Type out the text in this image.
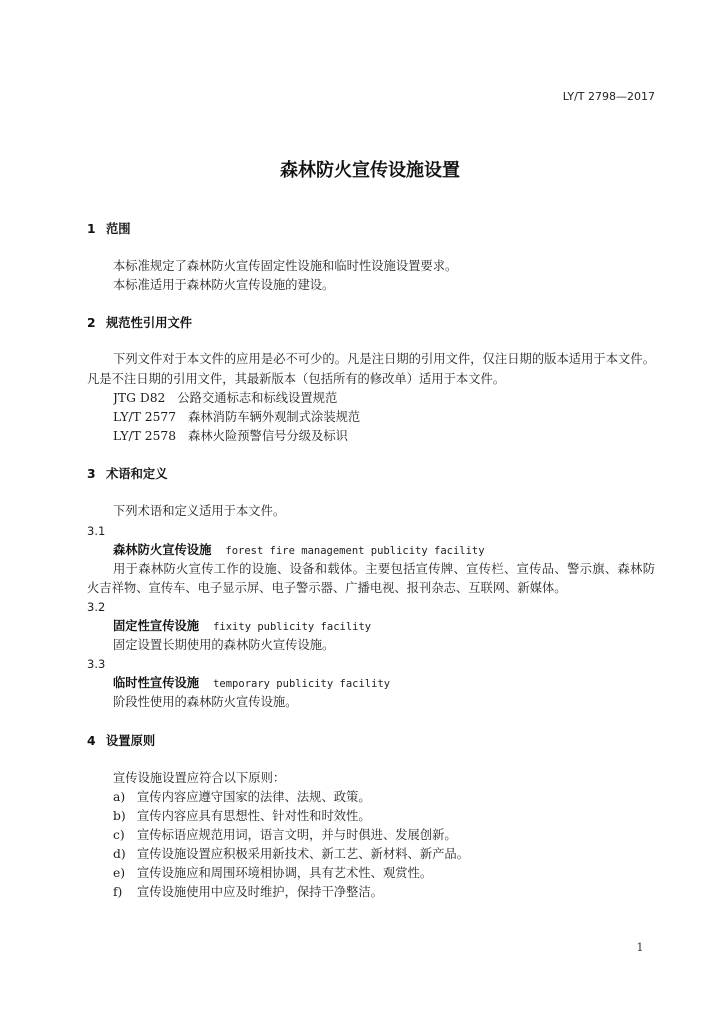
LY/T 2798—2017
森林防火宣传设施设置
1 范围
本标准规定了森林防火宣传固定性设施和临时性设施设置要求。
本标准适用于森林防火宣传设施的建设。
2 规范性引用文件
下列文件对于本文件的应用是必不可少的。凡是注日期的引用文件，仅注日期的版本适用于本文件。
凡是不注日期的引用文件，其最新版本（包括所有的修改单）适用于本文件。
JTG D82 公路交通标志和标线设置规范
LY/T 2577 森林消防车辆外观制式涂装规范
LY/T 2578 森林火险预警信号分级及标识
3 术语和定义
下列术语和定义适用于本文件。
3.1
森林防火宣传设施 forest fire management publicity facility
用于森林防火宣传工作的设施、设备和载体。主要包括宣传牌、宣传栏、宣传品、警示旗、森林防
火吉祥物、宣传车、电子显示屏、电子警示器、广播电视、报刊杂志、互联网、新媒体。
3.2
固定性宣传设施 fixity publicity facility
固定设置长期使用的森林防火宣传设施。
3.3
临时性宣传设施 temporary publicity facility
阶段性使用的森林防火宣传设施。
4 设置原则
宣传设施设置应符合以下原则：
a) 宣传内容应遵守国家的法律、法规、政策。
b) 宣传内容应具有思想性、针对性和时效性。
c) 宣传标语应规范用词，语言文明，并与时俱进、发展创新。
d) 宣传设施设置应积极采用新技术、新工艺、新材料、新产品。
e) 宣传设施应和周围环境相协调，具有艺术性、观赏性。
f) 宣传设施使用中应及时维护，保持干净整洁。
1
